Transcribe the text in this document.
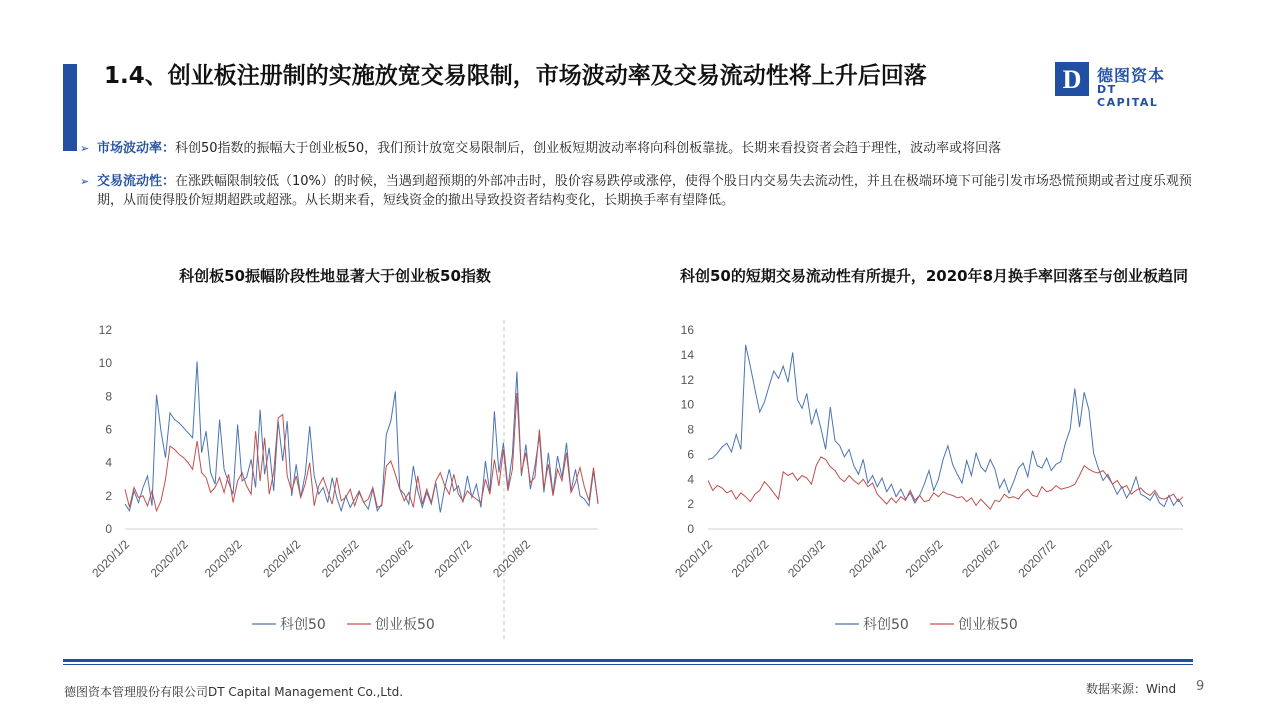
1.4、创业板注册制的实施放宽交易限制，市场波动率及交易流动性将上升后回落	D 德图资本
DT CAPITAL
➢ 市场波动率：科创50指数的振幅大于创业板50，我们预计放宽交易限制后，创业板短期波动率将向科创板靠拢。长期来看投资者会趋于理性，波动率或将回落
➢ 交易流动性：在涨跌幅限制较低（10%）的时候，当遇到超预期的外部冲击时，股价容易跌停或涨停，使得个股日内交易失去流动性，并且在极端环境下可能引发市场恐慌预期或者过度乐观预期，从而使得股价短期超跌或超涨。从长期来看，短线资金的撤出导致投资者结构变化，长期换手率有望降低。
科创板50振幅阶段性地显著大于创业板50指数	科创50的短期交易流动性有所提升，2020年8月换手率回落至与创业板趋同
0
2
4
6
8
10
12
2020/1/2 2020/2/2 2020/3/2 2020/4/2 2020/5/2 2020/6/2 2020/7/2 2020/8/2
科创50	创业板50
0
2
4
6
8
10
12
14
16
2020/1/2 2020/2/2 2020/3/2 2020/4/2 2020/5/2 2020/6/2 2020/7/2 2020/8/2
科创50	创业板50
德图资本管理股份有限公司DT Capital Management Co.,Ltd.	数据来源：Wind 9
